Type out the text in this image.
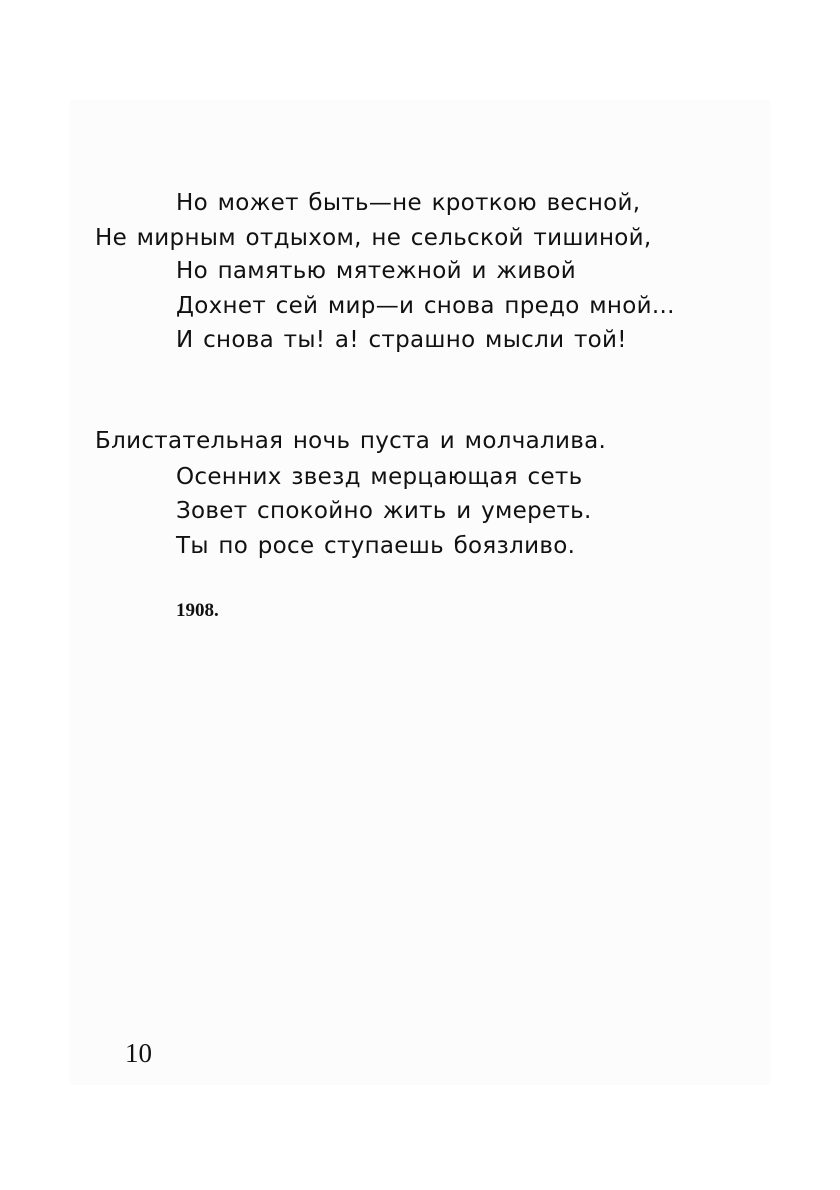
Но может быть—не кроткою весной,
Не мирным отдыхом, не сельской тишиной,
Но памятью мятежной и живой
Дохнет сей мир—и снова предо мной...
И снова ты! а! страшно мысли той!
Блистательная ночь пуста и молчалива.
Осенних звезд мерцающая сеть
Зовет спокойно жить и умереть.
Ты по росе ступаешь боязливо.
1908.
10
